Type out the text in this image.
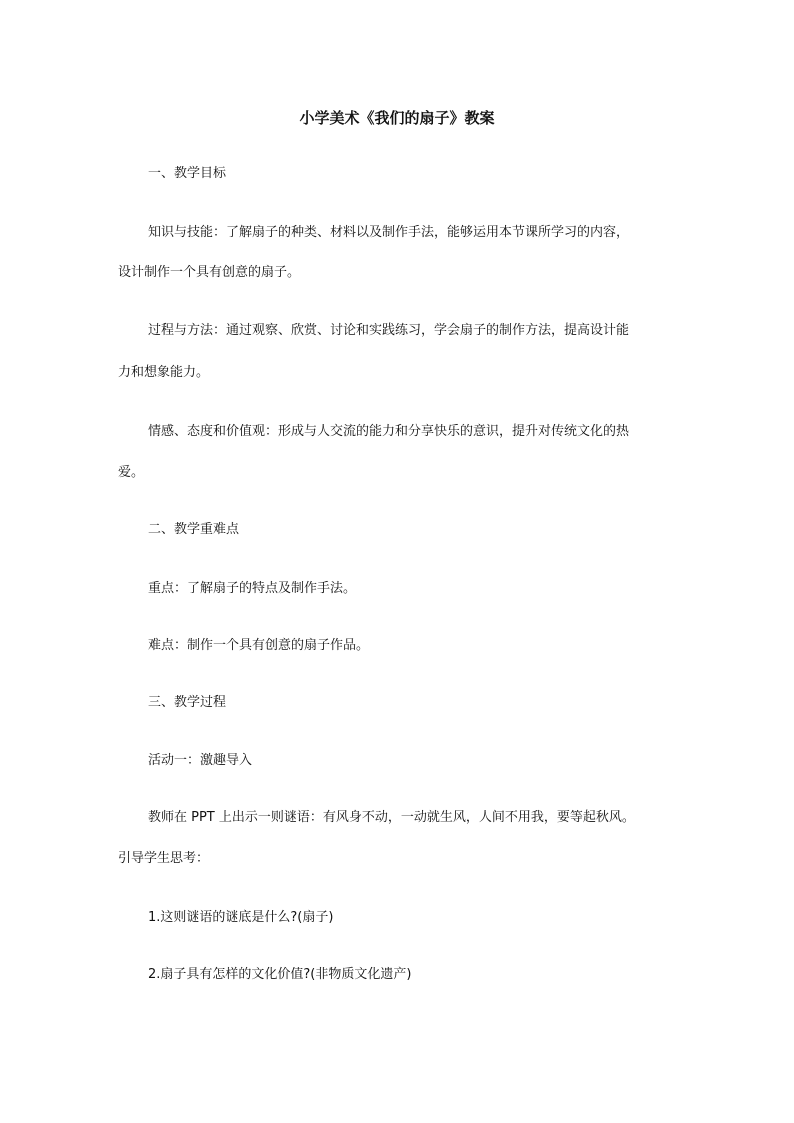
小学美术《我们的扇子》教案
一、教学目标
知识与技能：了解扇子的种类、材料以及制作手法，能够运用本节课所学习的内容，
设计制作一个具有创意的扇子。
过程与方法：通过观察、欣赏、讨论和实践练习，学会扇子的制作方法，提高设计能
力和想象能力。
情感、态度和价值观：形成与人交流的能力和分享快乐的意识，提升对传统文化的热
爱。
二、教学重难点
重点：了解扇子的特点及制作手法。
难点：制作一个具有创意的扇子作品。
三、教学过程
活动一：激趣导入
教师在 PPT 上出示一则谜语：有风身不动，一动就生风，人间不用我，要等起秋风。
引导学生思考：
1.这则谜语的谜底是什么?(扇子)
2.扇子具有怎样的文化价值?(非物质文化遗产)
